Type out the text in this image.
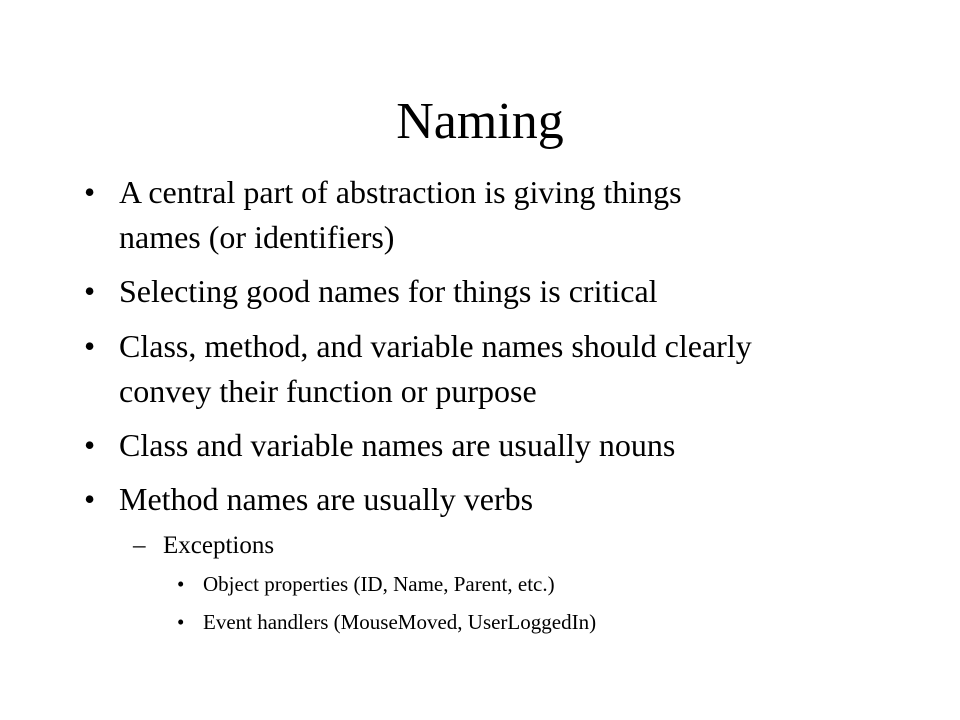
Naming
• A central part of abstraction is giving things
names (or identifiers)
• Selecting good names for things is critical
• Class, method, and variable names should clearly
convey their function or purpose
• Class and variable names are usually nouns
• Method names are usually verbs
– Exceptions
• Object properties (ID, Name, Parent, etc.)
• Event handlers (MouseMoved, UserLoggedIn)
